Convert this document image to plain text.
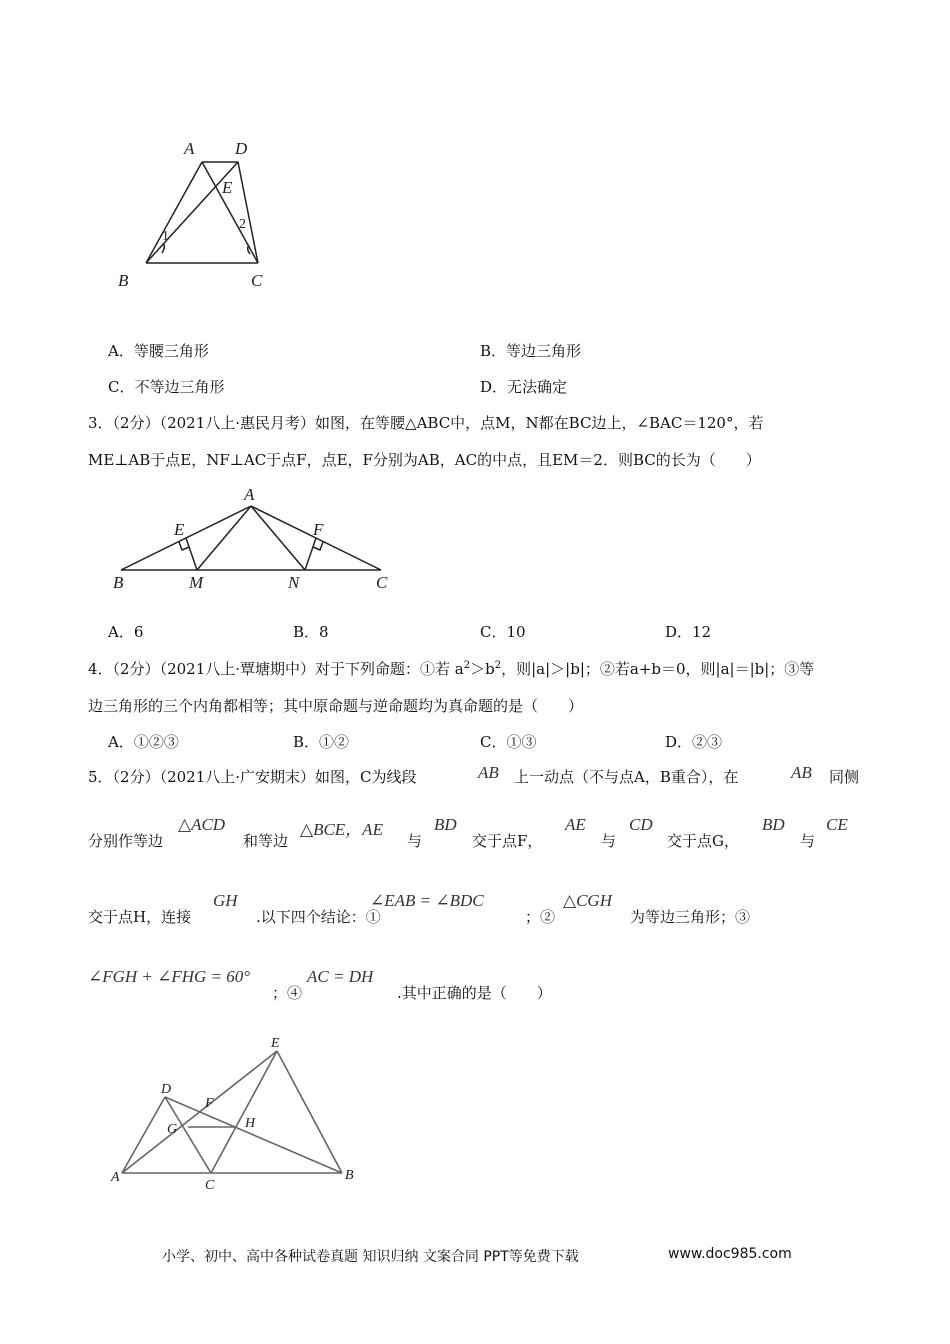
A D
E
B	C
1
2
A．等腰三角形	B．等边三角形
C．不等边三角形	D．无法确定
3．（2分）（2021八上·惠民月考）如图，在等腰△ABC中，点M，N都在BC边上，∠BAC＝120°，若
ME⊥AB于点E，NF⊥AC于点F，点E，F分别为AB，AC的中点，且EM＝2．则BC的长为（　　）
A
E	F
B	M	N	C
A．6	B．8	C．10	D．12
4．（2分）（2021八上·覃塘期中）对于下列命题：①若 $a^2>b^2$，则|a|＞|b|；②若a+b＝0，则|a|＝|b|；③等
边三角形的三个内角都相等；其中原命题与逆命题均为真命题的是（　　）
A．①②③	B．①②	C．①③	D．②③
5．（2分）（2021八上·广安期末）如图，C为线段	AB 上一动点（不与点A，B重合），在	AB 同侧
分别作等边
△ACD
和等边
△BCE，AE
与
BD
交于点F，
AE
与
CD
交于点G，
BD
与
CE
交于点H，连接
GH
.以下四个结论：①
∠EAB = ∠BDC
；②
△CGH
为等边三角形；③
∠FGH + ∠FHG = 60°
；④
AC = DH
.其中正确的是（　　）
E
D
F
G	H
A
C
B
小学、初中、高中各种试卷真题 知识归纳 文案合同 PPT等免费下载	www.doc985.com
